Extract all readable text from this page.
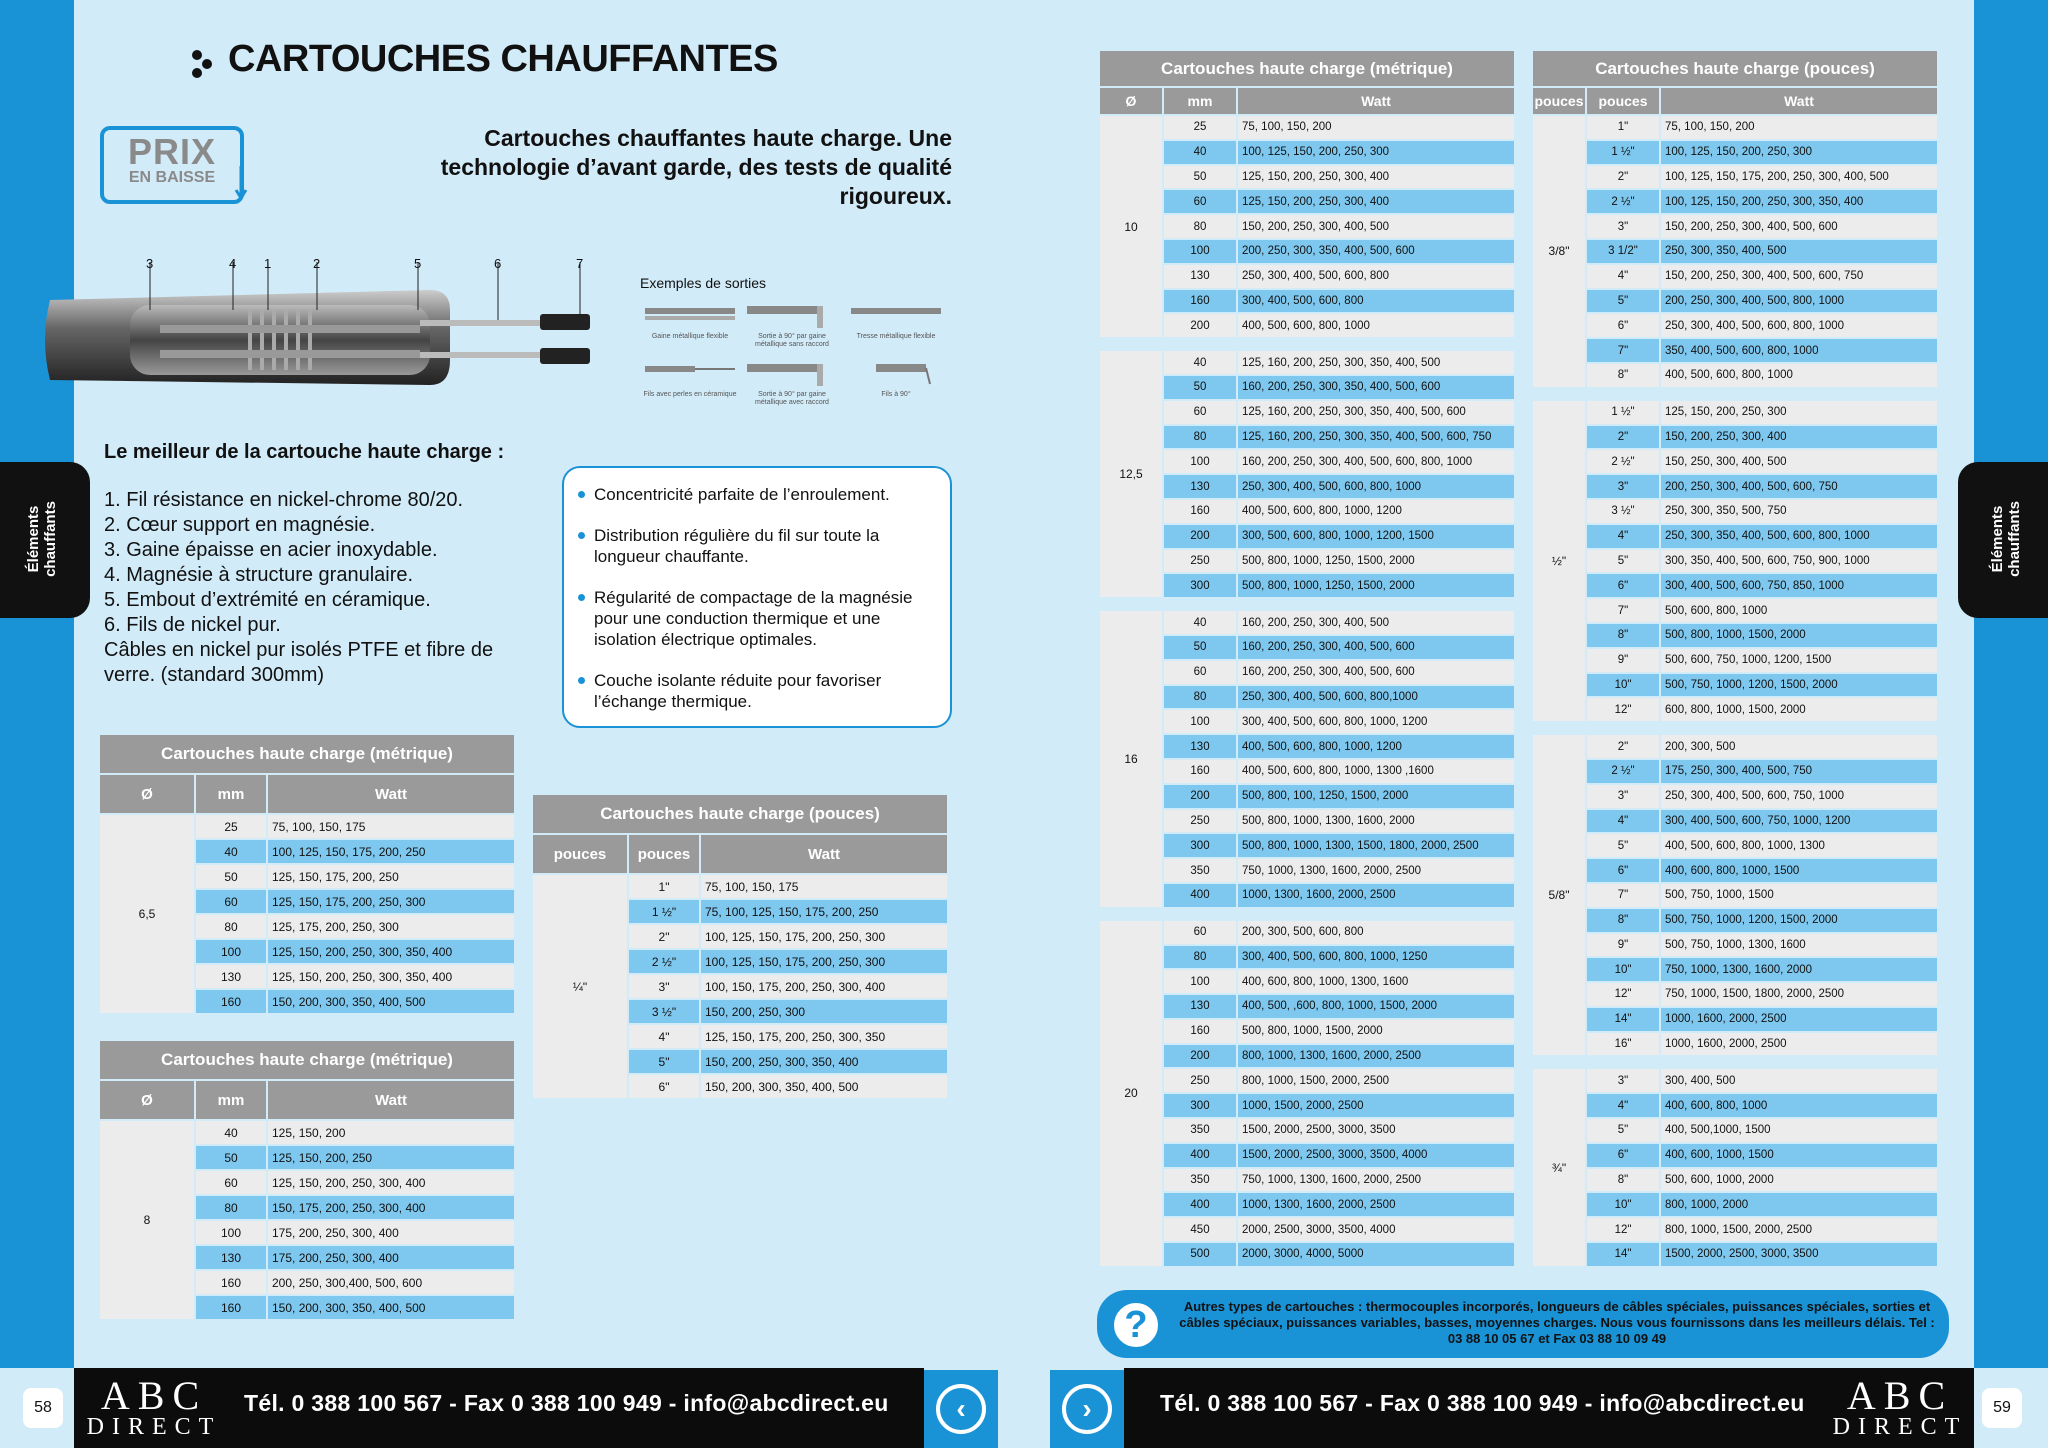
Éléments
chauffants	Éléments
chauffants
CARTOUCHES CHAUFFANTES
PRIX
EN BAISSE
Cartouches chauffantes haute charge. Une technologie d’avant garde, des tests de qualité rigoureux.
3	4 1	2	5	6	7
Exemples de sorties
Gaine métallique flexible	Sortie à 90° par gaine métallique sans raccord
Tresse métallique flexible
Fils avec perles en céramique	Sortie à 90° par gaine métallique avec raccord
Fils à 90°
Le meilleur de la cartouche haute charge :
1. Fil résistance en nickel-chrome 80/20.
2. Cœur support en magnésie.
3. Gaine épaisse en acier inoxydable.
4. Magnésie à structure granulaire.
5. Embout d’extrémité en céramique.
6. Fils de nickel pur.
Câbles en nickel pur isolés PTFE et fibre de verre. (standard 300mm)
Concentricité parfaite de l’enroulement.
Distribution régulière du fil sur toute la longueur chauffante.
Régularité de compactage de la magnésie pour une conduction thermique et une isolation électrique optimales.
Couche isolante réduite pour favoriser l’échange thermique.
Cartouches haute charge (métrique)		
Ø	mm	Watt
6,5	25	75, 100, 150, 175
	40	100, 125, 150, 175, 200, 250
	50	125, 150, 175, 200, 250
	60	125, 150, 175, 200, 250, 300
	80	125, 175, 200, 250, 300
	100	125, 150, 200, 250, 300, 350, 400
	130	125, 150, 200, 250, 300, 350, 400
	160	150, 200, 300, 350, 400, 500
Cartouches haute charge (métrique)		
Ø	mm	Watt
8	40	125, 150, 200
	50	125, 150, 200, 250
	60	125, 150, 200, 250, 300, 400
	80	150, 175, 200, 250, 300, 400
	100	175, 200, 250, 300, 400
	130	175, 200, 250, 300, 400
	160	200, 250, 300,400, 500, 600
	160	150, 200, 300, 350, 400, 500
Cartouches haute charge (pouces)		
pouces	pouces	Watt
¼"	1"	75, 100, 150, 175
	1 ½"	75, 100, 125, 150, 175, 200, 250
	2"	100, 125, 150, 175, 200, 250, 300
	2 ½"	100, 125, 150, 175, 200, 250, 300
	3"	100, 150, 175, 200, 250, 300, 400
	3 ½"	150, 200, 250, 300
	4"	125, 150, 175, 200, 250, 300, 350
	5"	150, 200, 250, 300, 350, 400
	6"	150, 200, 300, 350, 400, 500
Cartouches haute charge (métrique)		
Ø	mm	Watt
10	25	75, 100, 150, 200
	40	100, 125, 150, 200, 250, 300
	50	125, 150, 200, 250, 300, 400
	60	125, 150, 200, 250, 300, 400
	80	150, 200, 250, 300, 400, 500
	100	200, 250, 300, 350, 400, 500, 600
	130	250, 300, 400, 500, 600, 800
	160	300, 400, 500, 600, 800
	200	400, 500, 600, 800, 1000

12,5	40	125, 160, 200, 250, 300, 350, 400, 500
	50	160, 200, 250, 300, 350, 400, 500, 600
	60	125, 160, 200, 250, 300, 350, 400, 500, 600
	80	125, 160, 200, 250, 300, 350, 400, 500, 600, 750
	100	160, 200, 250, 300, 400, 500, 600, 800, 1000
	130	250, 300, 400, 500, 600, 800, 1000
	160	400, 500, 600, 800, 1000, 1200
	200	300, 500, 600, 800, 1000, 1200, 1500
	250	500, 800, 1000, 1250, 1500, 2000
	300	500, 800, 1000, 1250, 1500, 2000

16	40	160, 200, 250, 300, 400, 500
	50	160, 200, 250, 300, 400, 500, 600
	60	160, 200, 250, 300, 400, 500, 600
	80	250, 300, 400, 500, 600, 800,1000
	100	300, 400, 500, 600, 800, 1000, 1200
	130	400, 500, 600, 800, 1000, 1200
	160	400, 500, 600, 800, 1000, 1300 ,1600
	200	500, 800, 100, 1250, 1500, 2000
	250	500, 800, 1000, 1300, 1600, 2000
	300	500, 800, 1000, 1300, 1500, 1800, 2000, 2500
	350	750, 1000, 1300, 1600, 2000, 2500
	400	1000, 1300, 1600, 2000, 2500

20	60	200, 300, 500, 600, 800
	80	300, 400, 500, 600, 800, 1000, 1250
	100	400, 600, 800, 1000, 1300, 1600
	130	400, 500, ,600, 800, 1000, 1500, 2000
	160	500, 800, 1000, 1500, 2000
	200	800, 1000, 1300, 1600, 2000, 2500
	250	800, 1000, 1500, 2000, 2500
	300	1000, 1500, 2000, 2500
	350	1500, 2000, 2500, 3000, 3500
	400	1500, 2000, 2500, 3000, 3500, 4000
	350	750, 1000, 1300, 1600, 2000, 2500
	400	1000, 1300, 1600, 2000, 2500
	450	2000, 2500, 3000, 3500, 4000
	500	2000, 3000, 4000, 5000
Cartouches haute charge (pouces)		
pouces	pouces	Watt
3/8"	1"	75, 100, 150, 200
	1 ½"	100, 125, 150, 200, 250, 300
	2"	100, 125, 150, 175, 200, 250, 300, 400, 500
	2 ½"	100, 125, 150, 200, 250, 300, 350, 400
	3"	150, 200, 250, 300, 400, 500, 600
	3 1/2"	250, 300, 350, 400, 500
	4"	150, 200, 250, 300, 400, 500, 600, 750
	5"	200, 250, 300, 400, 500, 800, 1000
	6"	250, 300, 400, 500, 600, 800, 1000
	7"	350, 400, 500, 600, 800, 1000
	8"	400, 500, 600, 800, 1000

½"	1 ½"	125, 150, 200, 250, 300
	2"	150, 200, 250, 300, 400
	2 ½"	150, 250, 300, 400, 500
	3"	200, 250, 300, 400, 500, 600, 750
	3 ½"	250, 300, 350, 500, 750
	4"	250, 300, 350, 400, 500, 600, 800, 1000
	5"	300, 350, 400, 500, 600, 750, 900, 1000
	6"	300, 400, 500, 600, 750, 850, 1000
	7"	500, 600, 800, 1000
	8"	500, 800, 1000, 1500, 2000
	9"	500, 600, 750, 1000, 1200, 1500
	10"	500, 750, 1000, 1200, 1500, 2000
	12"	600, 800, 1000, 1500, 2000

5/8"	2"	200, 300, 500
	2 ½"	175, 250, 300, 400, 500, 750
	3"	250, 300, 400, 500, 600, 750, 1000
	4"	300, 400, 500, 600, 750, 1000, 1200
	5"	400, 500, 600, 800, 1000, 1300
	6"	400, 600, 800, 1000, 1500
	7"	500, 750, 1000, 1500
	8"	500, 750, 1000, 1200, 1500, 2000
	9"	500, 750, 1000, 1300, 1600
	10"	750, 1000, 1300, 1600, 2000
	12"	750, 1000, 1500, 1800, 2000, 2500
	14"	1000, 1600, 2000, 2500
	16"	1000, 1600, 2000, 2500

¾"	3"	300, 400, 500
	4"	400, 600, 800, 1000
	5"	400, 500,1000, 1500
	6"	400, 600, 1000, 1500
	8"	500, 600, 1000, 2000
	10"	800, 1000, 2000
	12"	800, 1000, 1500, 2000, 2500
	14"	1500, 2000, 2500, 3000, 3500
?	Autres types de cartouches : thermocouples incorporés, longueurs de câbles spéciales, puissances spéciales, sorties et câbles spéciaux, puissances variables, basses, moyennes charges. Nous vous fournissons dans les meilleurs délais. Tel : 03 88 10 05 67 et Fax 03 88 10 09 49
58	59
ABC
DIRECT
ABC
DIRECT
Tél. 0 388 100 567 - Fax 0 388 100 949 - info@abcdirect.eu	Tél. 0 388 100 567 - Fax 0 388 100 949 - info@abcdirect.eu
‹	›
